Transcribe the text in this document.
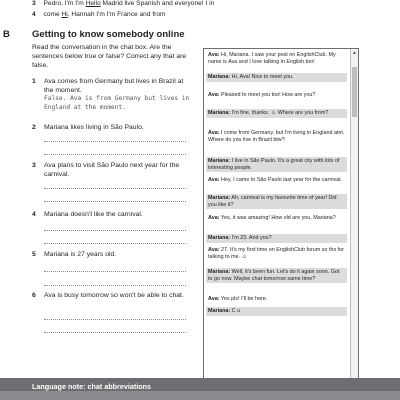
3 Pedro, I'm I'm Hello Madrid live Spanish and everyone! I in
4 come Hi, Hannah I'm I'm France and from
B Getting to know somebody online
Read the conversation in the chat box. Are the sentences below true or false? Correct any that are false.
1 Ava comes from Germany but lives in Brazil at the moment.
False. Ava is from Germany but lives in England at the moment.
2 Mariana likes living in São Paulo.
3 Ava plans to visit São Paulo next year for the carnival.
4 Mariana doesn't like the carnival.
5 Mariana is 27 years old.
6 Ava is busy tomorrow so won't be able to chat.
Ava: Hi, Mariana. I saw your post on EnglishClub. My name is Ava and I love talking in English too!
Mariana: Hi, Ava! Nice to meet you.
Ava: Pleased to meet you too! How are you?
Mariana: I'm fine, thanks. ☺ Where are you from?
Ava: I come from Germany, but I'm living in England atm. Where do you live in Brazil btw?
Mariana: I live in São Paulo. It's a great city with lots of interesting people.
Ava: Hey, I came to São Paulo last year for the carnival.
Mariana: Ah, carnival is my favourite time of year! Did you like it?
Ava: Yes, it was amazing! How old are you, Mariana?
Mariana: I'm 23. And you?
Ava: 27. It's my first time on EnglishClub forum so thx for talking to me. ☺
Mariana: Well, it's been fun. Let's do it again soon. Got to go now. Maybe chat tomorrow same time?
Ava: Yes pls! I'll be here.
Mariana: C u
▲
Language note: chat abbreviations
